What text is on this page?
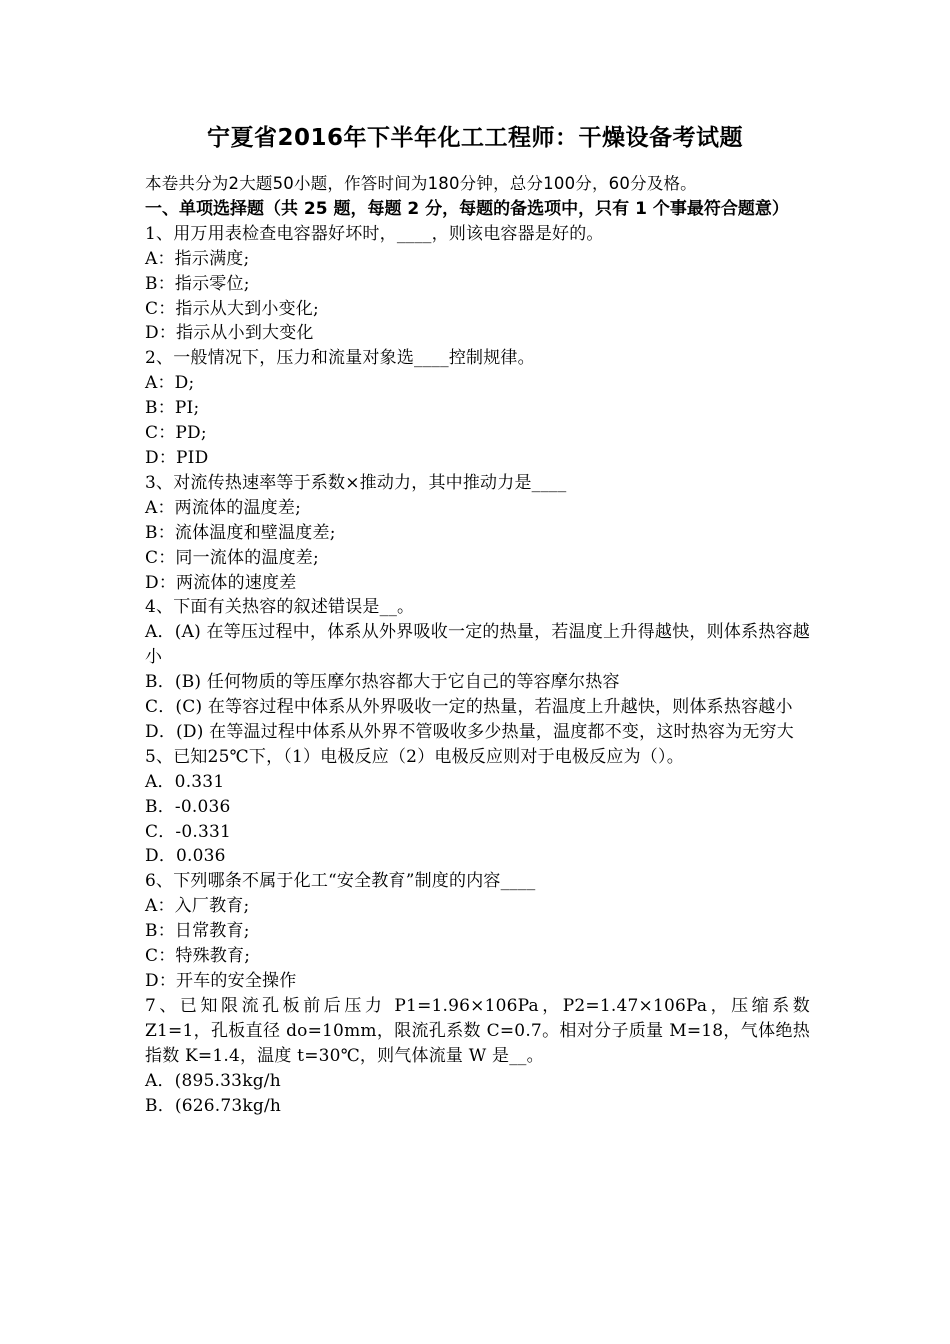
宁夏省2016年下半年化工工程师：干燥设备考试题
本卷共分为2大题50小题，作答时间为180分钟，总分100分，60分及格。
一、单项选择题（共 25 题，每题 2 分，每题的备选项中，只有 1 个事最符合题意）
1、用万用表检查电容器好坏时，____，则该电容器是好的。
A：指示满度;
B：指示零位;
C：指示从大到小变化;
D：指示从小到大变化
2、一般情况下，压力和流量对象选____控制规律。
A：D;
B：PI;
C：PD;
D：PID
3、对流传热速率等于系数×推动力，其中推动力是____
A：两流体的温度差;
B：流体温度和壁温度差;
C：同一流体的温度差;
D：两流体的速度差
4、下面有关热容的叙述错误是__。
A．(A) 在等压过程中，体系从外界吸收一定的热量，若温度上升得越快，则体系热容越小
B．(B) 任何物质的等压摩尔热容都大于它自己的等容摩尔热容
C．(C) 在等容过程中体系从外界吸收一定的热量，若温度上升越快，则体系热容越小
D．(D) 在等温过程中体系从外界不管吸收多少热量，温度都不变，这时热容为无穷大
5、已知25℃下，（1）电极反应（2）电极反应则对于电极反应为（）。
A．0.331
B．-0.036
C．-0.331
D．0.036
6、下列哪条不属于化工“安全教育”制度的内容____
A：入厂教育;
B：日常教育;
C：特殊教育;
D：开车的安全操作
7、已知限流孔板前后压力 P1=1.96×106Pa，P2=1.47×106Pa，压缩系数 Z1=1，孔板直径 do=10mm，限流孔系数 C=0.7。相对分子质量 M=18，气体绝热指数 K=1.4，温度 t=30℃，则气体流量 W 是__。
A．(895.33kg/h
B．(626.73kg/h
